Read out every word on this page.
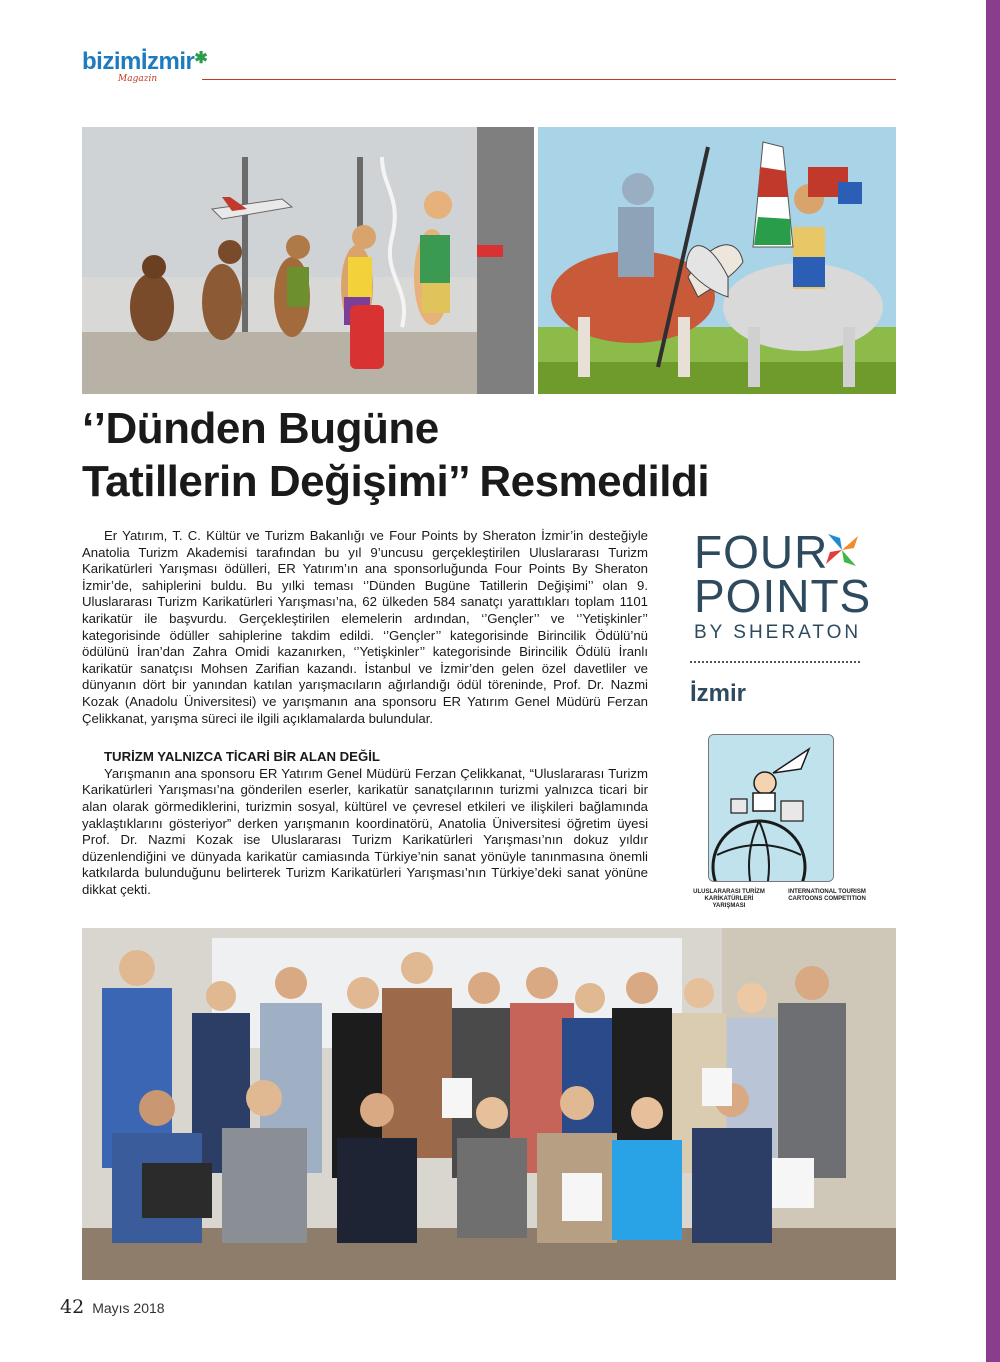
bizimİzmir✱
Magazin
‘’Dünden Bugüne
Tatillerin Değişimi’’ Resmedildi

Er Yatırım, T. C. Kültür ve Turizm Bakanlığı ve Four Points by Sheraton İzmir’in desteğiyle Anatolia Turizm Akademisi tarafından bu yıl 9’uncusu gerçekleştirilen Uluslararası Turizm Karikatürleri Yarışması ödülleri, ER Yatırım’ın ana sponsorluğunda Four Points By Sheraton İzmir’de, sahiplerini buldu. Bu yılki teması ‘’Dünden Bugüne Tatillerin Değişimi’’ olan 9. Uluslararası Turizm Karikatürleri Yarışması’na, 62 ülkeden 584 sanatçı yarattıkları toplam 1101 karikatür ile başvurdu. Gerçekleştirilen elemelerin ardından, ‘’Gençler’’ ve ‘’Yetişkinler’’ kategorisinde ödüller sahiplerine takdim edildi. ‘’Gençler’’ kategorisinde Birincilik Ödülü’nü ödülünü İran’dan Zahra Omidi kazanırken, ‘’Yetişkinler’’ kategorisinde Birincilik Ödülü İranlı karikatür sanatçısı Mohsen Zarifian kazandı. İstanbul ve İzmir’den gelen özel davetliler ve dünyanın dört bir yanından katılan yarışmacıların ağırlandığı ödül töreninde, Prof. Dr. Nazmi Kozak (Anadolu Üniversitesi) ve yarışmanın ana sponsoru ER Yatırım Genel Müdürü Ferzan Çelikkanat, yarışma süreci ile ilgili açıklamalarda bulundular.

TURİZM YALNIZCA TİCARİ BİR ALAN DEĞİL

Yarışmanın ana sponsoru ER Yatırım Genel Müdürü Ferzan Çelikkanat, “Uluslararası Turizm Karikatürleri Yarışması’na gönderilen eserler, karikatür sanatçılarının turizmi yalnızca ticari bir alan olarak görmediklerini, turizmin sosyal, kültürel ve çevresel etkileri ve ilişkileri bağlamında yaklaştıklarını gösteriyor” derken yarışmanın koordinatörü, Anatolia Üniversitesi öğretim üyesi Prof. Dr. Nazmi Kozak ise Uluslararası Turizm Karikatürleri Yarışması’nın dokuz yıldır düzenlendiğini ve dünyada karikatür camiasında Türkiye’nin sanat yönüyle tanınmasına önemli katkılarda bulunduğunu belirterek Turizm Karikatürleri Yarışması’nın Türkiye’deki sanat yönüne dikkat çekti.

FOUR
POINTS
BY SHERATON
İzmir
ULUSLARARASI TURİZM
KARİKATÜRLERİ YARIŞMASI
INTERNATIONAL TOURISM
CARTOONS COMPETITION
42 Mayıs 2018
